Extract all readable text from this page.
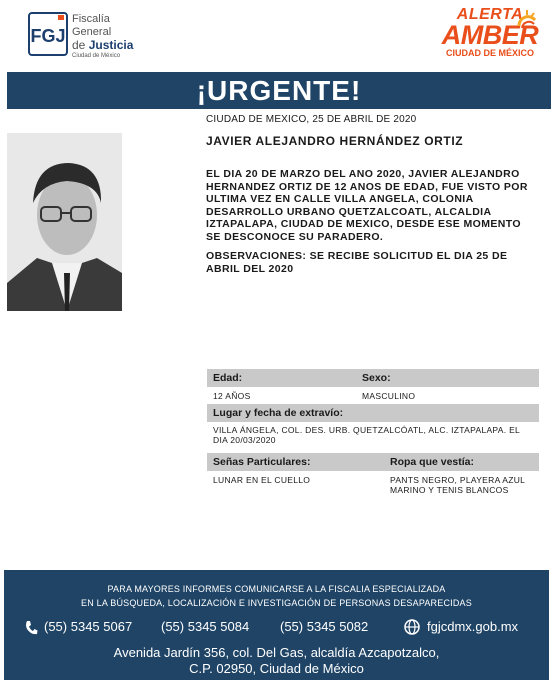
FGJ
Fiscalía
General
de Justicia
Ciudad de México
ALERTA
AMBER
CIUDAD DE MÉXICO
¡URGENTE!
CIUDAD DE MEXICO, 25 DE ABRIL DE 2020
JAVIER ALEJANDRO HERNÁNDEZ ORTIZ
EL DIA 20 DE MARZO DEL ANO 2020, JAVIER ALEJANDRO HERNANDEZ ORTIZ DE 12 ANOS DE EDAD, FUE VISTO POR ULTIMA VEZ EN CALLE VILLA ANGELA, COLONIA DESARROLLO URBANO QUETZALCOATL, ALCALDIA IZTAPALAPA, CIUDAD DE MEXICO, DESDE ESE MOMENTO SE DESCONOCE SU PARADERO.
OBSERVACIONES: SE RECIBE SOLICITUD EL DIA 25 DE ABRIL DEL 2020
Edad:	Sexo:
12 AÑOS	MASCULINO
Lugar y fecha de extravío:
VILLA ÁNGELA, COL. DES. URB. QUETZALCÓATL, ALC. IZTAPALAPA. EL DIA 20/03/2020
Señas Particulares:	Ropa que vestía:
LUNAR EN EL CUELLO	PANTS NEGRO, PLAYERA AZUL MARINO Y TENIS BLANCOS
PARA MAYORES INFORMES COMUNICARSE A LA FISCALIA ESPECIALIZADA
EN LA BÚSQUEDA, LOCALIZACIÓN E INVESTIGACIÓN DE PERSONAS DESAPARECIDAS
(55) 5345 5067 (55) 5345 5084 (55) 5345 5082	fgjcdmx.gob.mx
Avenida Jardín 356, col. Del Gas, alcaldía Azcapotzalco,
C.P. 02950, Ciudad de México
